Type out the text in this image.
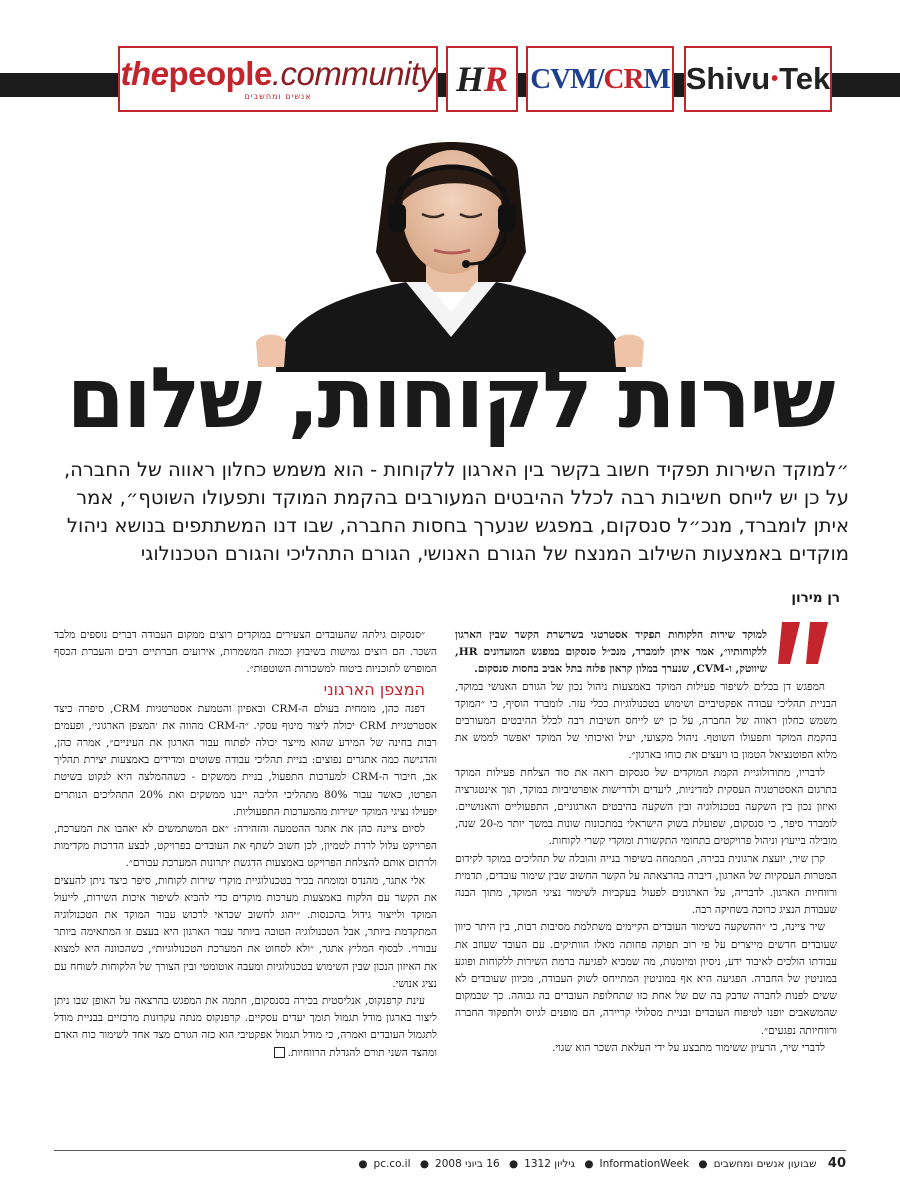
thepeople.community
אנשים ומחשבים	H R CVM / CR M Shivu • Tek
שירות לקוחות, שלום

״למוקד השירות תפקיד חשוב בקשר בין הארגון ללקוחות - הוא משמש כחלון ראווה של החברה, על כן יש לייחס חשיבות רבה לכלל ההיבטים המעורבים בהקמת המוקד ותפעולו השוטף״, אמר איתן לומברד, מנכ״ל סנסקום, במפגש שנערך בחסות החברה, שבו דנו המשתתפים בנושא ניהול מוקדים באמצעות השילוב המנצח של הגורם האנושי, הגורם התהליכי והגורם הטכנולוגי

רן מירון

למוקד שירות הלקוחות תפקיד אסטרטגי בשרשרת הקשר שבין הארגון ללקוחותיו״, אמר איתן לומברד, מנכ״ל סנסקום במפגש המועדונים HR, שיווטק, ו-CVM, שנערך במלון קראון פלזה בתל אביב בחסות סנסקום.

המפגש דן בכלים לשיפור פעילות המוקד באמצעות ניהול נכון של הגורם האנושי במוקד, הבניית תהליכי עבודה אפקטיביים ושימוש בטכנולוגיות ככלי עזר. לומברד הוסיף, כי ״המוקד משמש כחלון ראווה של החברה, על כן יש לייחס חשיבות רבה לכלל ההיבטים המעורבים בהקמת המוקד ותפעולו השוטף. ניהול מקצועי, יעיל ואיכותי של המוקד יאפשר לממש את מלוא הפוטנציאל הטמון בו ויעצים את כוחו בארגון״.

לדבריו, מתודולוגיית הקמת המוקדים של סנסקום רואה את סוד הצלחת פעילות המוקד בתרגום האסטרטגיה העסקית למדיניות, ליעדים ולדרישות אופרטיביות במוקד, תוך אינטגרציה ואיזון נכון בין השקעה בטכנולוגיה ובין השקעה בהיבטים הארגוניים, התפעוליים והאנושיים. לומברד סיפר, כי סנסקום, שפועלת בשוק הישראלי במתכונות שונות במשך יותר מ-20 שנה, מובילה בייעוץ וניהול פרויקטים בתחומי התקשורת ומוקדי קשרי לקוחות.

קרן שיר, יועצת ארגונית בכירה, המתמחה בשיפור בנייה והובלה של תהליכים במוקד לקידום המטרות העסקיות של הארגון, דיברה בהרצאתה על הקשר החשוב שבין שימור עובדים, תדמית ורווחיות הארגון. לדבריה, על הארגונים לפעול בעקביות לשימור נציגי המוקד, מתוך הבנה שעבודת הנציג כרוכה בשחיקה רבה.

שיר ציינה, כי ״ההשקעה בשימור העובדים הקיימים משתלמת מסיבות רבות, בין היתר כיוון שעובדים חדשים מייצרים על פי רוב תפוקה פחותה מאלו הוותיקים. עם העובד שעוזב את עבודתו הולכים לאיבוד ידע, ניסיון ומיומנות, מה שמביא לפגיעה ברמת השירות ללקוחות ופוגע במוניטין של החברה. הפגיעה היא אף במוניטין המתייחס לשוק העבודה, מכיוון שעובדים לא ששים לפנות לחברה שדבק בה שם של אחת כזו שתחלופת העובדים בה גבוהה. כך שבמקום שהמשאבים יופנו לטיפוח העובדים ובניית מסלולי קריירה, הם מופנים לגיוס ולתפקוד החברה ורווחיותה נפגעים״.

לדברי שיר, הרעיון ששימור מתבצע על ידי העלאת השכר הוא שגוי.

״סנסקום גילתה שהעובדים הצעירים במוקדים רוצים ממקום העבודה דברים נוספים מלבד השכר. הם רוצים גמישות בשיבוץ וכמות המשמרות, אירועים חברתיים רבים והעברת הכסף המופרש לתוכניות ביטוח למשכורות השוטפות״.

המצפן הארגוני

דפנה כהן, מומחית בעולם ה-CRM ובאפיון והטמעת אסטרטגיות CRM, סיפרה כיצד אסטרטגיית CRM יכולה ליצור מינוף עסקי. ״ה-CRM מהווה את ׳המצפן הארגוני׳, ופעמים רבות בחינה של המידע שהוא מייצר יכולה לפתוח עבור הארגון את העיניים״, אמרה כהן, והדגישה כמה אתגרים נפוצים: בניית תהליכי עבודה פשוטים ומדידים באמצעות יצירת תהליך אב, חיבור ה-CRM למערכות התפעול, בניית ממשקים - כשההמלצה היא לנקוט בשיטת הפרטו, כאשר עבור 80% מתהליכי הליבה ייבנו ממשקים ואת 20% התהליכים הנותרים יפעילו נציגי המוקד ישירות מהמערכות התפעוליות.

לסיום ציינה כהן את אתגר ההטמעה והזהירה: ״אם המשתמשים לא יאהבו את המערכת, הפרויקט עלול לרדת לטמיון, לכן חשוב לשתף את העובדים בפרויקט, לבצע הדרכות מקדימות ולרתום אותם להצלחת הפרויקט באמצעות הדגשת יתרונות המערכת עבורם״.

אלי אתגר, מהנדס ומומחה בכיר בטכנולוגיית מוקדי שירות לקוחות, סיפר כיצד ניתן להעצים את הקשר עם הלקוח באמצעות מערכות מוקדים כדי להביא לשיפור איכות השירות, לייעול המוקד ולייצור גידול בהכנסות. ״יהוג לחשוב שכדאי לרכוש עבור המוקד את הטכנולוגיה המתקדמת ביותר, אבל הטכנולוגיה הטובה ביותר עבור הארגון היא בעצם זו המתאימה ביותר עבורו״. לבסוף המליץ אתגר, ״ולא לסחוט את המערכת הטכנולוגיות״, כשהכוונה היא למצוא את האיזון הנכון שבין השימוש בטכנולוגיות ומעבה אוטומטי ובין הצורך של הלקוחות לשוחח עם נציג אנושי.

עינת קרפנקוס, אנליסטית בכירה בסנסקום, חתמה את המפגש בהרצאה על האופן שבו ניתן ליצור בארגון מודל תגמול תומך יעדים עסקיים. קרפנקוס מנתה עקרונות מרכזיים בבניית מודל לתגמול העובדים ואמרה, כי מודל תגמול אפקטיבי הוא כזה הגורם מצד אחד לשימור כוח האדם ומהצד השני תורם להגדלת הרווחיות.

40 שבועון אנשים ומחשבים● InformationWeek● גיליון 1312● 16 ביוני 2008● pc.co.il●
